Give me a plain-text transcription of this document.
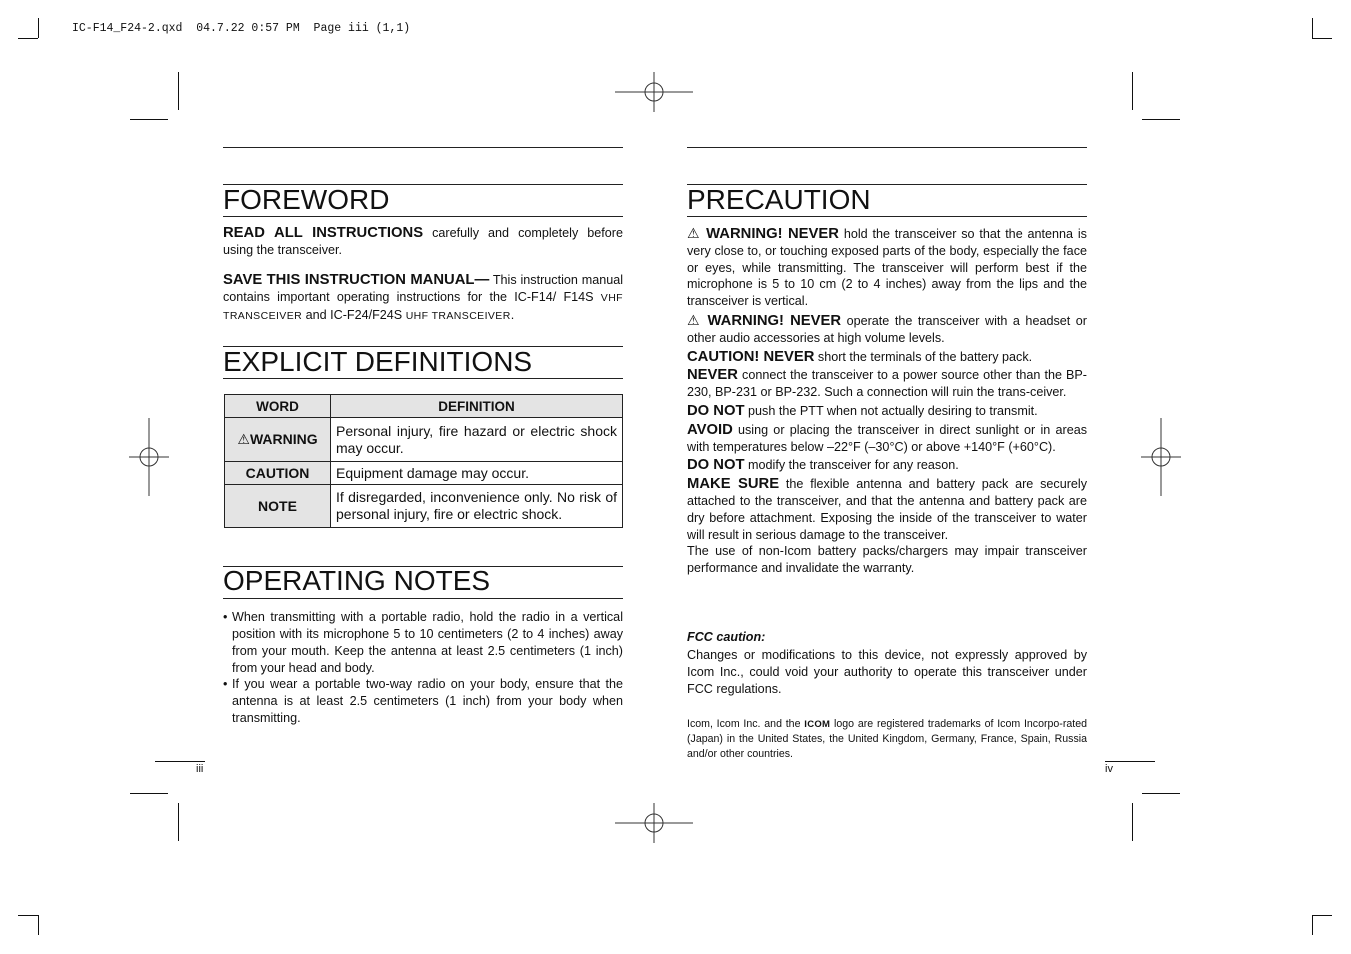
IC-F14_F24-2.qxd  04.7.22 0:57 PM  Page iii (1,1)
FOREWORD
READ ALL INSTRUCTIONS carefully and completely before using the transceiver.
SAVE THIS INSTRUCTION MANUAL— This instruction manual contains important operating instructions for the IC-F14/ F14S VHF TRANSCEIVER and IC-F24/F24S UHF TRANSCEIVER.
EXPLICIT DEFINITIONS
WORD	DEFINITION
⚠WARNING	Personal injury, fire hazard or electric shock may occur.
CAUTION	Equipment damage may occur.
NOTE	If disregarded, inconvenience only. No risk of personal injury, fire or electric shock.
OPERATING NOTES
• When transmitting with a portable radio, hold the radio in a vertical position with its microphone 5 to 10 centimeters (2 to 4 inches) away from your mouth. Keep the antenna at least 2.5 centimeters (1 inch) from your head and body.
• If you wear a portable two-way radio on your body, ensure that the antenna is at least 2.5 centimeters (1 inch) from your body when transmitting.
iii
PRECAUTION
⚠ WARNING! NEVER hold the transceiver so that the antenna is very close to, or touching exposed parts of the body, especially the face or eyes, while transmitting. The transceiver will perform best if the microphone is 5 to 10 cm (2 to 4 inches) away from the lips and the transceiver is vertical.
⚠ WARNING! NEVER operate the transceiver with a headset or other audio accessories at high volume levels.
CAUTION! NEVER short the terminals of the battery pack.
NEVER connect the transceiver to a power source other than the BP-230, BP-231 or BP-232. Such a connection will ruin the trans-ceiver.
DO NOT push the PTT when not actually desiring to transmit.
AVOID using or placing the transceiver in direct sunlight or in areas with temperatures below –22°F (–30°C) or above +140°F (+60°C).
DO NOT modify the transceiver for any reason.
MAKE SURE the flexible antenna and battery pack are securely attached to the transceiver, and that the antenna and battery pack are dry before attachment. Exposing the inside of the transceiver to water will result in serious damage to the transceiver.
The use of non-Icom battery packs/chargers may impair transceiver performance and invalidate the warranty.
FCC caution:
Changes or modifications to this device, not expressly approved by Icom Inc., could void your authority to operate this transceiver under FCC regulations.
Icom, Icom Inc. and the ICOM logo are registered trademarks of Icom Incorpo-rated (Japan) in the United States, the United Kingdom, Germany, France, Spain, Russia and/or other countries.
iv
